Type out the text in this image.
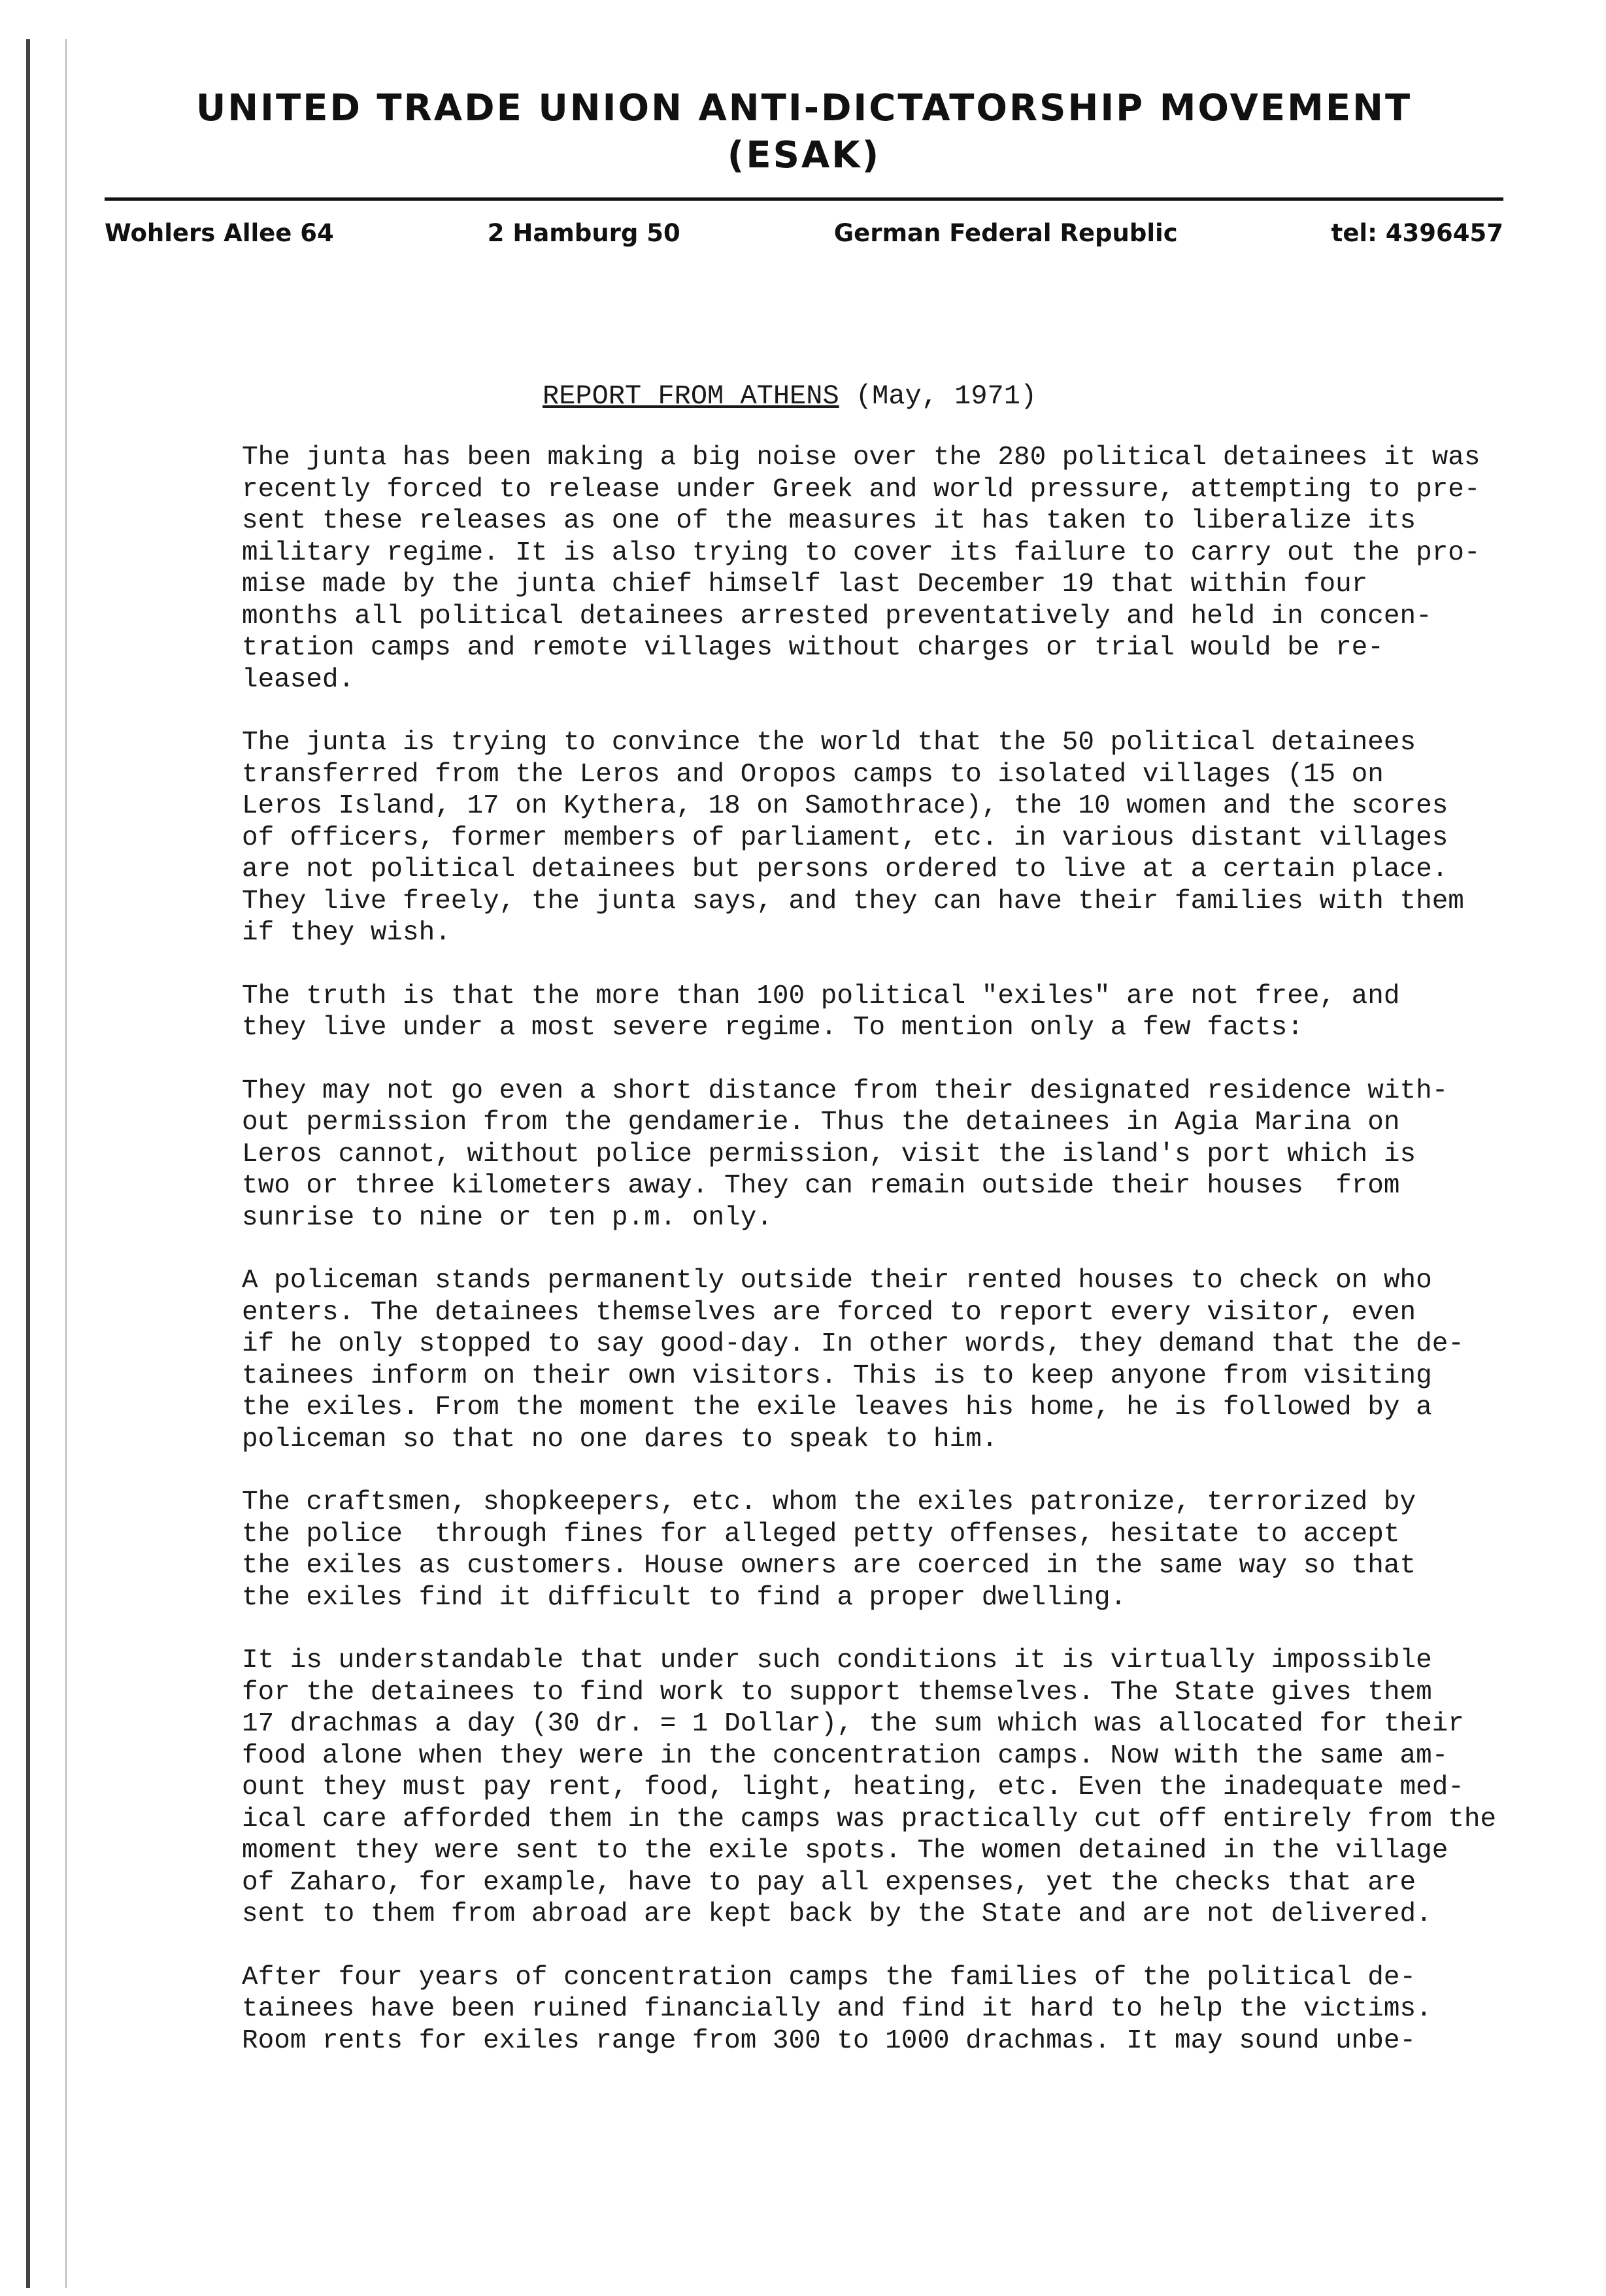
UNITED TRADE UNION ANTI-DICTATORSHIP MOVEMENT
(ESAK)
Wohlers Allee 64	2 Hamburg 50	German Federal Republic	tel: 4396457
REPORT FROM ATHENS (May, 1971)
The junta has been making a big noise over the 280 political detainees it was
recently forced to release under Greek and world pressure, attempting to pre-
sent these releases as one of the measures it has taken to liberalize its
military regime. It is also trying to cover its failure to carry out the pro-
mise made by the junta chief himself last December 19 that within four
months all political detainees arrested preventatively and held in concen-
tration camps and remote villages without charges or trial would be re-
leased.
The junta is trying to convince the world that the 50 political detainees
transferred from the Leros and Oropos camps to isolated villages (15 on
Leros Island, 17 on Kythera, 18 on Samothrace), the 10 women and the scores
of officers, former members of parliament, etc. in various distant villages
are not political detainees but persons ordered to live at a certain place.
They live freely, the junta says, and they can have their families with them
if they wish.
The truth is that the more than 100 political "exiles" are not free, and
they live under a most severe regime. To mention only a few facts:
They may not go even a short distance from their designated residence with-
out permission from the gendamerie. Thus the detainees in Agia Marina on
Leros cannot, without police permission, visit the island's port which is
two or three kilometers away. They can remain outside their houses  from
sunrise to nine or ten p.m. only.
A policeman stands permanently outside their rented houses to check on who
enters. The detainees themselves are forced to report every visitor, even
if he only stopped to say good-day. In other words, they demand that the de-
tainees inform on their own visitors. This is to keep anyone from visiting
the exiles. From the moment the exile leaves his home, he is followed by a
policeman so that no one dares to speak to him.
The craftsmen, shopkeepers, etc. whom the exiles patronize, terrorized by
the police  through fines for alleged petty offenses, hesitate to accept
the exiles as customers. House owners are coerced in the same way so that
the exiles find it difficult to find a proper dwelling.
It is understandable that under such conditions it is virtually impossible
for the detainees to find work to support themselves. The State gives them
17 drachmas a day (30 dr. = 1 Dollar), the sum which was allocated for their
food alone when they were in the concentration camps. Now with the same am-
ount they must pay rent, food, light, heating, etc. Even the inadequate med-
ical care afforded them in the camps was practically cut off entirely from the
moment they were sent to the exile spots. The women detained in the village
of Zaharo, for example, have to pay all expenses, yet the checks that are
sent to them from abroad are kept back by the State and are not delivered.
After four years of concentration camps the families of the political de-
tainees have been ruined financially and find it hard to help the victims.
Room rents for exiles range from 300 to 1000 drachmas. It may sound unbe-
